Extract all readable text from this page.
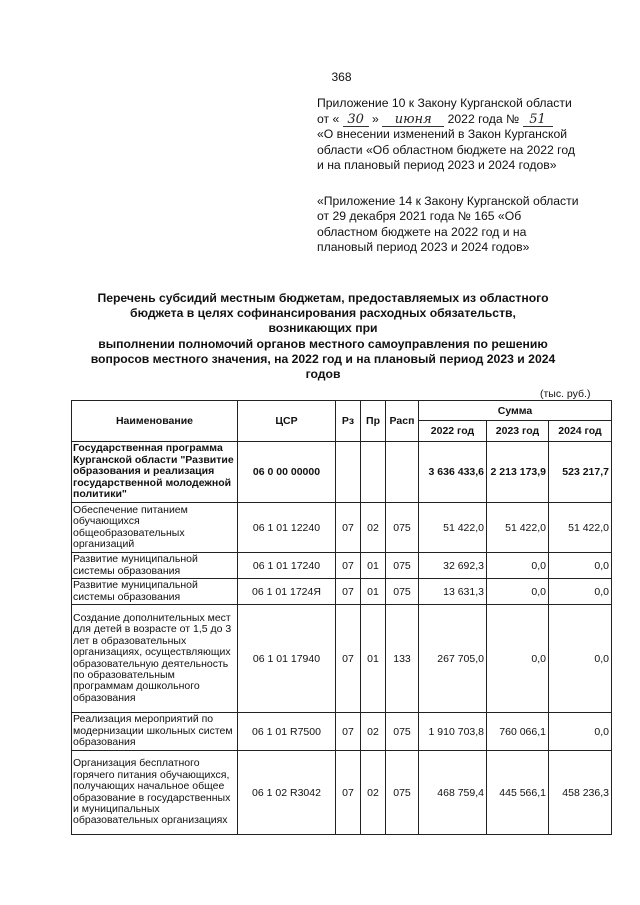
368

Приложение 10 к Закону Курганской области

от « 30 » июня 2022 года № 51

«О внесении изменений в Закон Курганской

области «Об областном бюджете на 2022 год

и на плановый период 2023 и 2024 годов»

«Приложение 14 к Закону Курганской области

от 29 декабря 2021 года № 165 «Об

областном бюджете на 2022 год и на

плановый период 2023 и 2024 годов»

Перечень субсидий местным бюджетам, предоставляемых из областного
бюджета в целях софинансирования расходных обязательств, возникающих при
выполнении полномочий органов местного самоуправления по решению
вопросов местного значения, на 2022 год и на плановый период 2023 и 2024
годов
(тыс. руб.)
Наименование	ЦСР	Рз	Пр	Расп	Сумма		
					2022 год	2023 год	2024 год
Государственная программа Курганской области "Развитие образования и реализация государственной молодежной политики"	06 0 00 00000				3 636 433,6	2 213 173,9	523 217,7
Обеспечение питанием обучающихся общеобразовательных организаций	06 1 01 12240	07	02	075	51 422,0	51 422,0	51 422,0
Развитие муниципальной системы образования	06 1 01 17240	07	01	075	32 692,3	0,0	0,0
Развитие муниципальной системы образования	06 1 01 1724Я	07	01	075	13 631,3	0,0	0,0
Создание дополнительных мест для детей в возрасте от 1,5 до 3 лет в образовательных организациях, осуществляющих образовательную деятельность по образовательным программам дошкольного образования	06 1 01 17940	07	01	133	267 705,0	0,0	0,0
Реализация мероприятий по модернизации школьных систем образования	06 1 01 R7500	07	02	075	1 910 703,8	760 066,1	0,0
Организация бесплатного горячего питания обучающихся, получающих начальное общее образование в государственных и муниципальных образовательных организациях	06 1 02 R3042	07	02	075	468 759,4	445 566,1	458 236,3
